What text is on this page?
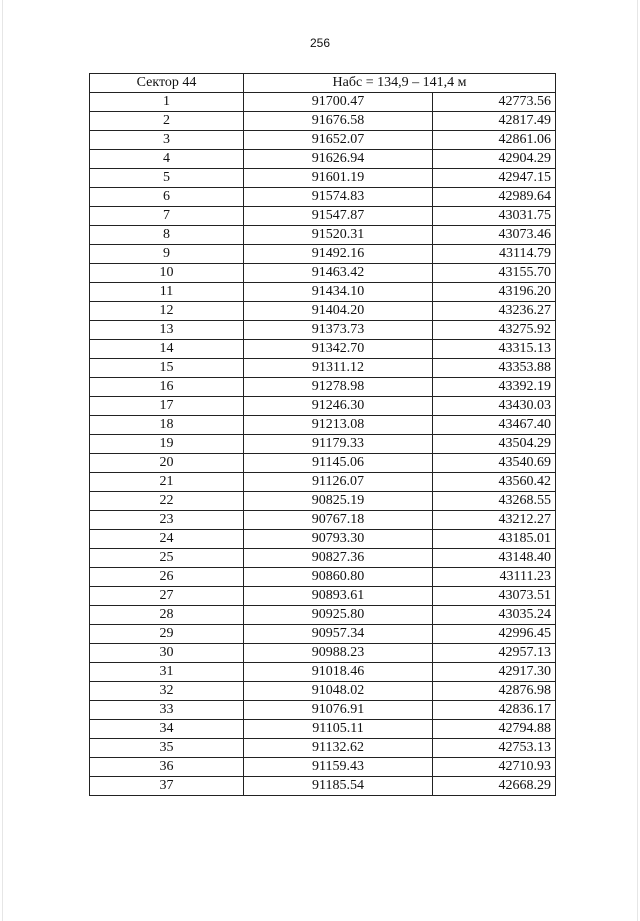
256
Сектор 44	Набс = 134,9 – 141,4 м	
1	91700.47	42773.56
2	91676.58	42817.49
3	91652.07	42861.06
4	91626.94	42904.29
5	91601.19	42947.15
6	91574.83	42989.64
7	91547.87	43031.75
8	91520.31	43073.46
9	91492.16	43114.79
10	91463.42	43155.70
11	91434.10	43196.20
12	91404.20	43236.27
13	91373.73	43275.92
14	91342.70	43315.13
15	91311.12	43353.88
16	91278.98	43392.19
17	91246.30	43430.03
18	91213.08	43467.40
19	91179.33	43504.29
20	91145.06	43540.69
21	91126.07	43560.42
22	90825.19	43268.55
23	90767.18	43212.27
24	90793.30	43185.01
25	90827.36	43148.40
26	90860.80	43111.23
27	90893.61	43073.51
28	90925.80	43035.24
29	90957.34	42996.45
30	90988.23	42957.13
31	91018.46	42917.30
32	91048.02	42876.98
33	91076.91	42836.17
34	91105.11	42794.88
35	91132.62	42753.13
36	91159.43	42710.93
37	91185.54	42668.29
